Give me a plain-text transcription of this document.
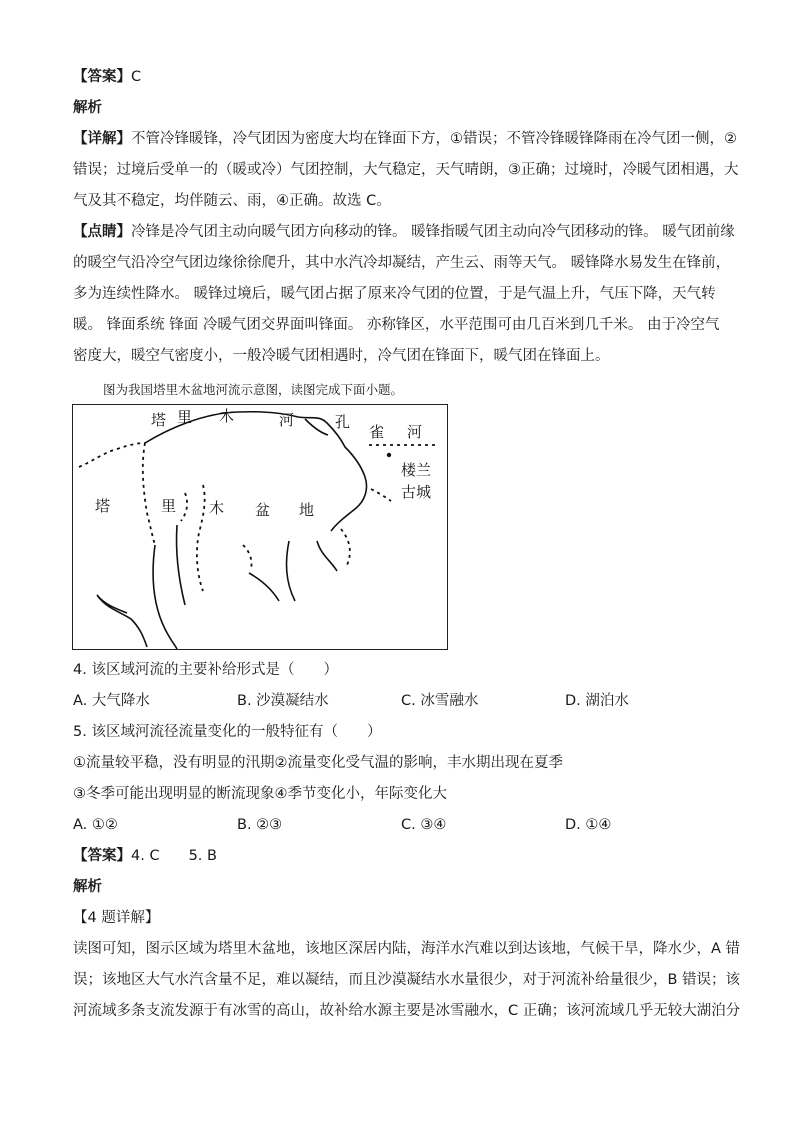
【答案】C
解析
【详解】不管冷锋暖锋，冷气团因为密度大均在锋面下方，①错误；不管冷锋暖锋降雨在冷气团一侧，②
错误；过境后受单一的（暖或冷）气团控制，大气稳定，天气晴朗，③正确；过境时，冷暖气团相遇，大
气及其不稳定，均伴随云、雨，④正确。故选 C。
【点睛】冷锋是冷气团主动向暖气团方向移动的锋。 暖锋指暖气团主动向冷气团移动的锋。 暖气团前缘
的暖空气沿冷空气团边缘徐徐爬升，其中水汽冷却凝结，产生云、雨等天气。 暖锋降水易发生在锋前，
多为连续性降水。 暖锋过境后，暖气团占据了原来冷气团的位置，于是气温上升，气压下降，天气转
暖。 锋面系统 锋面 冷暖气团交界面叫锋面。 亦称锋区，水平范围可由几百米到几千米。 由于冷空气
密度大，暖空气密度小，一般冷暖气团相遇时，冷气团在锋面下，暖气团在锋面上。
图为我国塔里木盆地河流示意图，读图完成下面小题。
塔 里 木	河	孔
雀 河
楼兰
古城
塔	里 木 盆 地
4. 该区域河流的主要补给形式是（　　）
A. 大气降水	B. 沙漠凝结水	C. 冰雪融水	D. 湖泊水
5. 该区域河流径流量变化的一般特征有（　　）
①流量较平稳，没有明显的汛期②流量变化受气温的影响，丰水期出现在夏季
③冬季可能出现明显的断流现象④季节变化小，年际变化大
A. ①②	B. ②③	C. ③④	D. ①④
【答案】4. C　　5. B
解析
【4 题详解】
读图可知，图示区域为塔里木盆地，该地区深居内陆，海洋水汽难以到达该地，气候干旱，降水少，A 错
误；该地区大气水汽含量不足，难以凝结，而且沙漠凝结水水量很少，对于河流补给量很少，B 错误；该
河流域多条支流发源于有冰雪的高山，故补给水源主要是冰雪融水，C 正确；该河流域几乎无较大湖泊分
